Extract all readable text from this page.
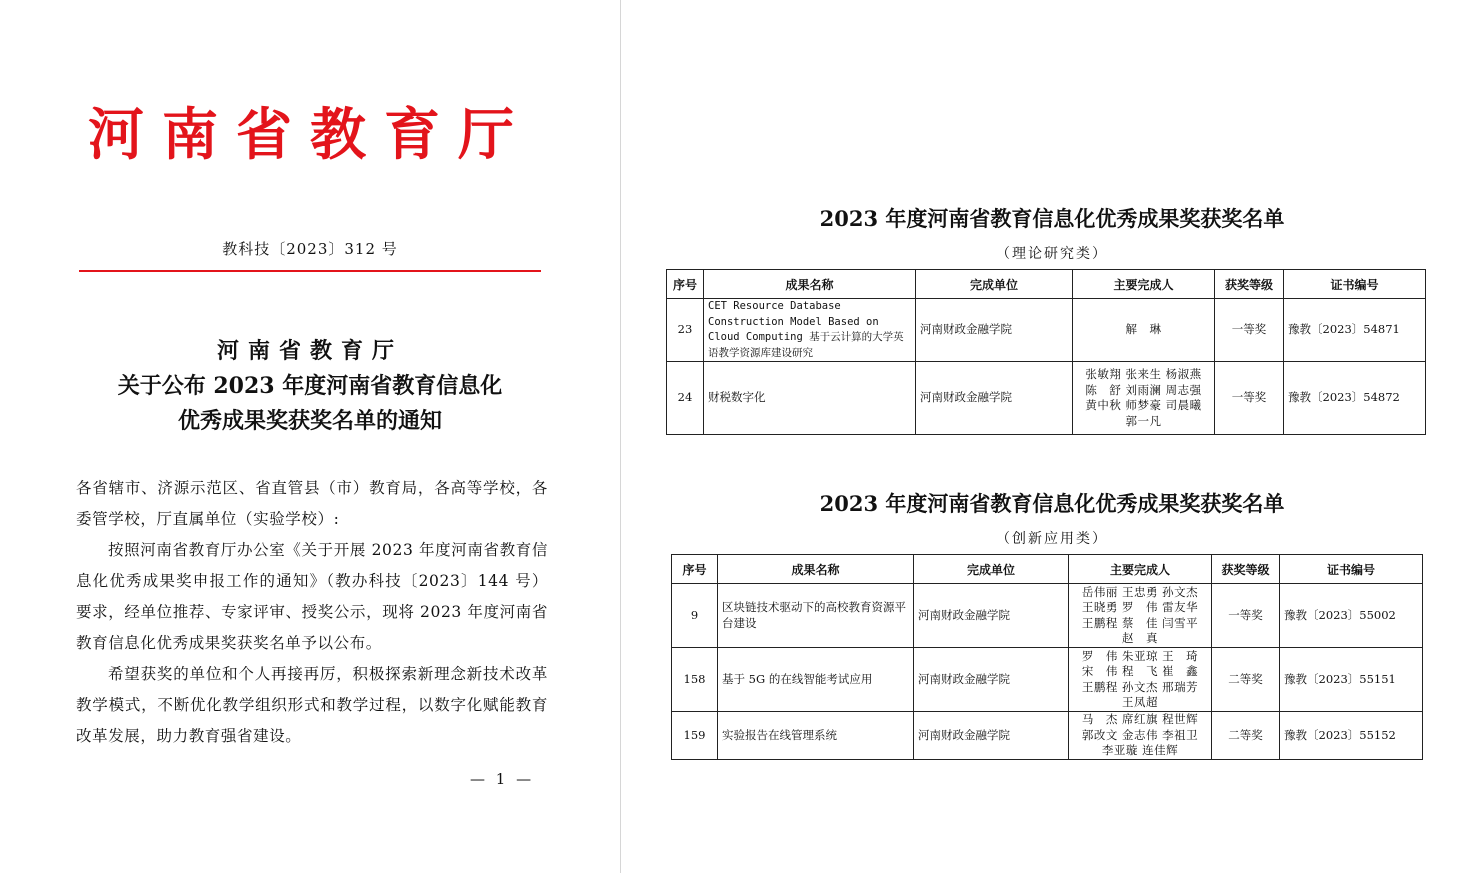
河南省教育厅
教科技〔2023〕312 号
河南省教育厅
关于公布 2023 年度河南省教育信息化
优秀成果奖获奖名单的通知

各省辖市、济源示范区、省直管县（市）教育局，各高等学校，各委管学校，厅直属单位（实验学校）:

按照河南省教育厅办公室《关于开展 2023 年度河南省教育信息化优秀成果奖申报工作的通知》（教办科技〔2023〕144 号）要求，经单位推荐、专家评审、授奖公示，现将 2023 年度河南省教育信息化优秀成果奖获奖名单予以公布。

希望获奖的单位和个人再接再厉，积极探索新理念新技术改革教学模式，不断优化教学组织形式和教学过程，以数字化赋能教育改革发展，助力教育强省建设。

— 1 —
2023 年度河南省教育信息化优秀成果奖获奖名单
（理论研究类）
序号	成果名称	完成单位	主要完成人	获奖等级	证书编号
23	CET Resource Database Construction Model Based on Cloud Computing 基于云计算的大学英语教学资源库建设研究	河南财政金融学院	解　琳	一等奖	豫教〔2023〕54871
24	财税数字化	河南财政金融学院	张敏翔 张来生 杨淑燕
陈　舒 刘雨澜 周志强
黄中秋 师梦豪 司晨曦
郭一凡	一等奖	豫教〔2023〕54872
2023 年度河南省教育信息化优秀成果奖获奖名单
（创新应用类）
序号	成果名称	完成单位	主要完成人	获奖等级	证书编号
9	区块链技术驱动下的高校教育资源平台建设	河南财政金融学院	岳伟丽 王忠勇 孙文杰
王晓勇 罗　伟 雷友华
王鹏程 蔡　佳 闫雪平
赵　真	一等奖	豫教〔2023〕55002
158	基于 5G 的在线智能考试应用	河南财政金融学院	罗　伟 朱亚琼 王　琦
宋　伟 程　飞 崔　鑫
王鹏程 孙文杰 邢瑞芳
王凤超	二等奖	豫教〔2023〕55151
159	实验报告在线管理系统	河南财政金融学院	马　杰 席红旗 程世辉
郭改文 金志伟 李祖卫
李亚璇 连佳辉	二等奖	豫教〔2023〕55152
